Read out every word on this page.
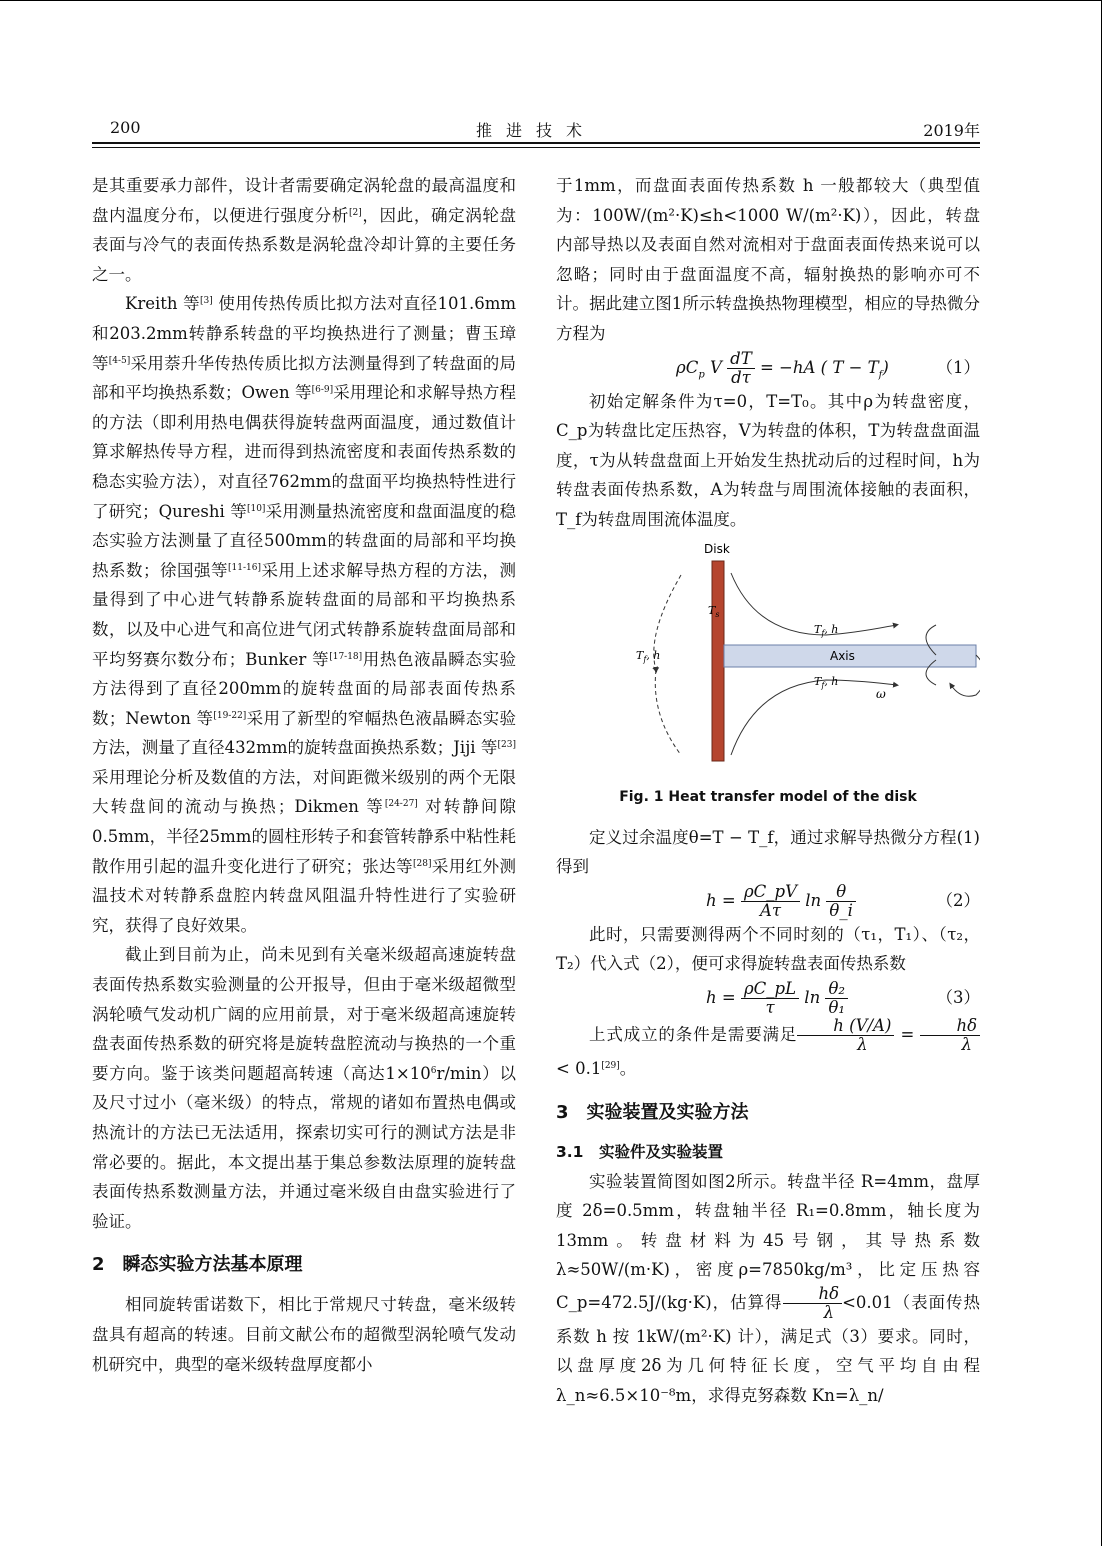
200	推进技术	2019年

是其重要承力部件，设计者需要确定涡轮盘的最高温度和盘内温度分布，以便进行强度分析[2]，因此，确定涡轮盘表面与冷气的表面传热系数是涡轮盘冷却计算的主要任务之一。

Kreith 等[3] 使用传热传质比拟方法对直径101.6mm和203.2mm转静系转盘的平均换热进行了测量；曹玉璋等[4-5]采用萘升华传热传质比拟方法测量得到了转盘面的局部和平均换热系数；Owen 等[6-9]采用理论和求解导热方程的方法（即利用热电偶获得旋转盘两面温度，通过数值计算求解热传导方程，进而得到热流密度和表面传热系数的稳态实验方法），对直径762mm的盘面平均换热特性进行了研究；Qureshi 等[10]采用测量热流密度和盘面温度的稳态实验方法测量了直径500mm的转盘面的局部和平均换热系数；徐国强等[11-16]采用上述求解导热方程的方法，测量得到了中心进气转静系旋转盘面的局部和平均换热系数，以及中心进气和高位进气闭式转静系旋转盘面局部和平均努赛尔数分布；Bunker 等[17-18]用热色液晶瞬态实验方法得到了直径200mm的旋转盘面的局部表面传热系数；Newton 等[19-22]采用了新型的窄幅热色液晶瞬态实验方法，测量了直径432mm的旋转盘面换热系数；Jiji 等[23]采用理论分析及数值的方法，对间距微米级别的两个无限大转盘间的流动与换热；Dikmen 等[24-27] 对转静间隙0.5mm，半径25mm的圆柱形转子和套管转静系中粘性耗散作用引起的温升变化进行了研究；张达等[28]采用红外测温技术对转静系盘腔内转盘风阻温升特性进行了实验研究，获得了良好效果。

截止到目前为止，尚未见到有关毫米级超高速旋转盘表面传热系数实验测量的公开报导，但由于毫米级超微型涡轮喷气发动机广阔的应用前景，对于毫米级超高速旋转盘表面传热系数的研究将是旋转盘腔流动与换热的一个重要方向。鉴于该类问题超高转速（高达$1\times 10^6r/\min$）以及尺寸过小（毫米级）的特点，常规的诸如布置热电偶或热流计的方法已无法适用，探索切实可行的测试方法是非常必要的。据此，本文提出基于集总参数法原理的旋转盘表面传热系数测量方法，并通过毫米级自由盘实验进行了验证。

2　瞬态实验方法基本原理

相同旋转雷诺数下，相比于常规尺寸转盘，毫米级转盘具有超高的转速。目前文献公布的超微型涡轮喷气发动机研究中，典型的毫米级转盘厚度都小

于1mm，而盘面表面传热系数 h 一般都较大（典型值为：100W/(m²·K)≤h<1000 W/(m²·K)），因此，转盘内部导热以及表面自然对流相对于盘面表面传热来说可以忽略；同时由于盘面温度不高，辐射换热的影响亦可不计。据此建立图1所示转盘换热物理模型，相应的导热微分方程为

$\rho C_p$ V $\frac{dT}{d\tau} = -hA$ ( $T - T_f$)	（1）

初始定解条件为τ=0，T=T₀。其中ρ为转盘密度，C_p为转盘比定压热容，V为转盘的体积，T为转盘盘面温度，τ为从转盘盘面上开始发生热扰动后的过程时间，h为转盘表面传热系数，A为转盘与周围流体接触的表面积，T_f为转盘周围流体温度。

Disk
Axis
ω
$T_s$
$T_f$, h
$T_f$, h
$T_f$, h
Fig. 1 Heat transfer model of the disk

定义过余温度θ=T − T_f，通过求解导热微分方程(1)得到

$h = \frac{\rho C\_pV}{A\tau}$ $\ln \frac{\theta}{\theta\_i}$	（2）

此时，只需要测得两个不同时刻的（τ₁，T₁）、（τ₂，T₂）代入式（2），便可求得旋转盘表面传热系数

$h = \frac{\rho C\_pL}{\tau}$ $\ln \frac{\text{θ₂}}{\text{θ₁}}$	（3）

上式成立的条件是需要满足 $\frac{h (V/A)}{\lambda} = \frac{h\delta}{\lambda}$
< 0.1[29]。

3　实验装置及实验方法
3.1　实验件及实验装置

实验装置简图如图2所示。转盘半径 R=4mm，盘厚度 2δ=0.5mm，转盘轴半径 R₁=0.8mm，轴长度为13mm。转盘材料为45号钢，其导热系数λ≈50W/(m·K)，密度ρ=7850kg/m³，比定压热容 C_p=472.5J/(kg·K)，估算得 $\frac{h\delta}{\lambda} <0.01$（表面传热系数 h 按 1kW/(m²·K) 计），满足式（3）要求。同时，以盘厚度2δ为几何特征长度，空气平均自由程λ_n≈6.5×10⁻⁸m，求得克努森数 Kn=λ_n/
